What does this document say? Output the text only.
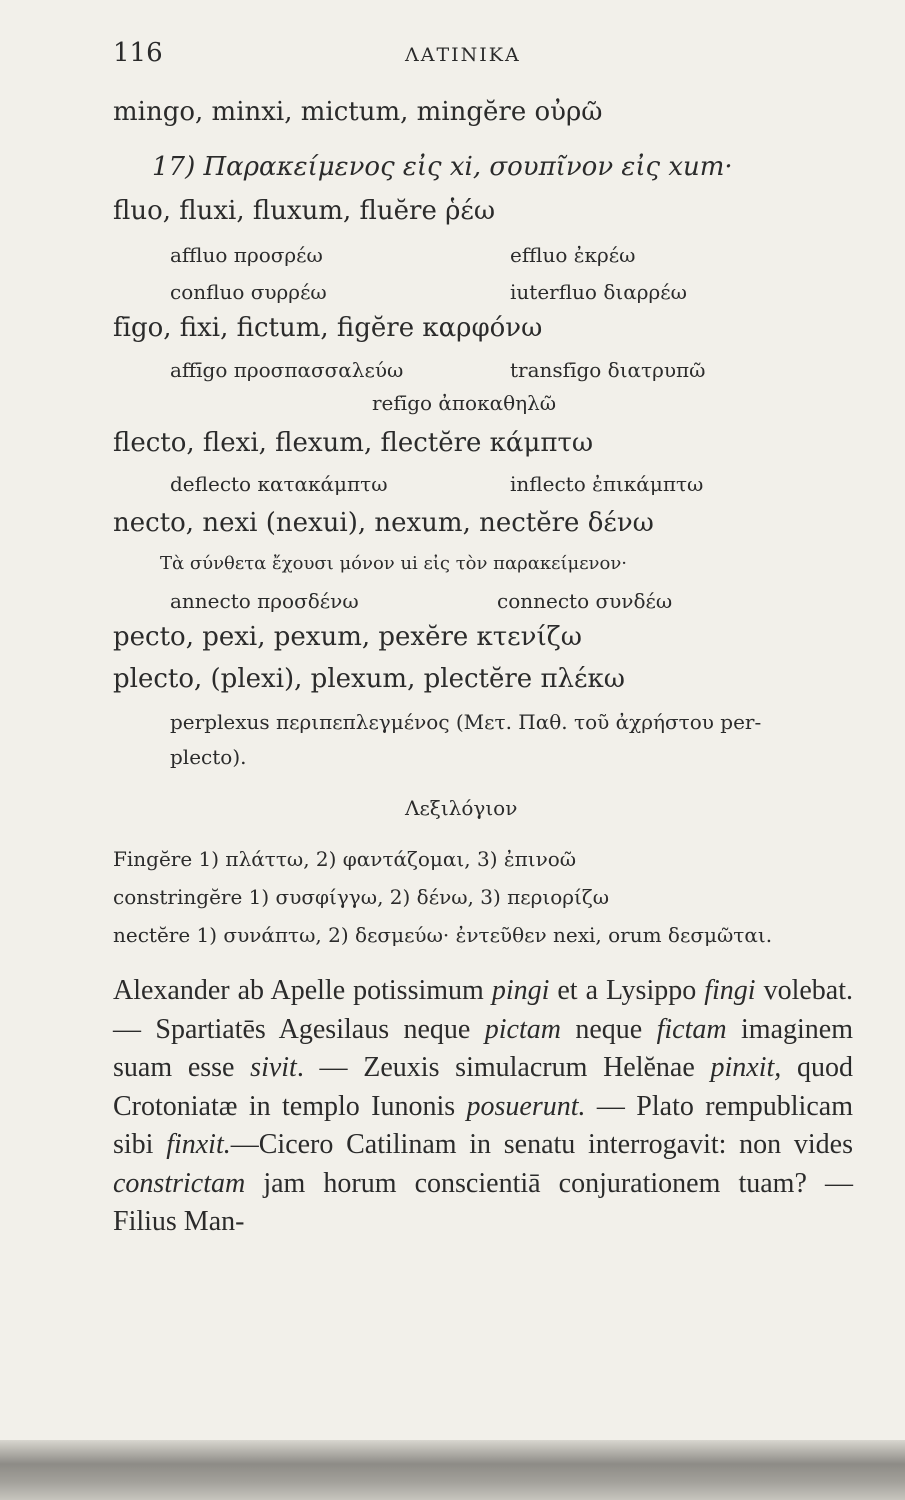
116	ΛΑΤΙΝΙΚΑ
mingo, minxi, mictum, mingĕre οὐρῶ
17) Παρακείμενος εἰς xi, σουπῖνον εἰς xum·
fluo, fluxi, fluxum, fluĕre ῥέω
affluo προσρέω	effluo ἐκρέω
confluo συρρέω	iuterfluo διαρρέω
fīgo, fixi, fictum, figĕre καρφόνω
affīgo προσπασσαλεύω	transfīgo διατρυπῶ
refīgo ἀποκαθηλῶ
flecto, flexi, flexum, flectĕre κάμπτω
deflecto κατακάμπτω	inflecto ἐπικάμπτω
necto, nexi (nexui), nexum, nectĕre δένω
Τὰ σύνθετα ἔχουσι μόνον ui εἰς τὸν παρακείμενον·
annecto προσδένω	connecto συνδέω
pecto, pexi, pexum, pexĕre κτενίζω
plecto, (plexi), plexum, plectĕre πλέκω
perplexus περιπεπλεγμένος (Μετ. Παθ. τοῦ ἀχρήστου per-
plecto).
Λεξιλόγιον
Fingĕre 1) πλάττω, 2) φαντάζομαι, 3) ἐπινοῶ
constringĕre 1) συσφίγγω, 2) δένω, 3) περιορίζω
nectĕre 1) συνάπτω, 2) δεσμεύω· ἐντεῦθεν nexi, orum δεσμῶται.
Alexander ab Apelle potissimum pingi et a Lysippo fingi volebat. — Spartiatēs Agesilaus neque pictam neque fictam imaginem suam esse sivit. — Zeuxis simulacrum Helĕnae pinxit, quod Crotoniatæ in templo Iunonis posuerunt. — Plato rempublicam sibi finxit.—Cicero Catilinam in senatu interrogavit: non vides constrictam jam horum conscientiā conjurationem tuam? — Filius Man-
